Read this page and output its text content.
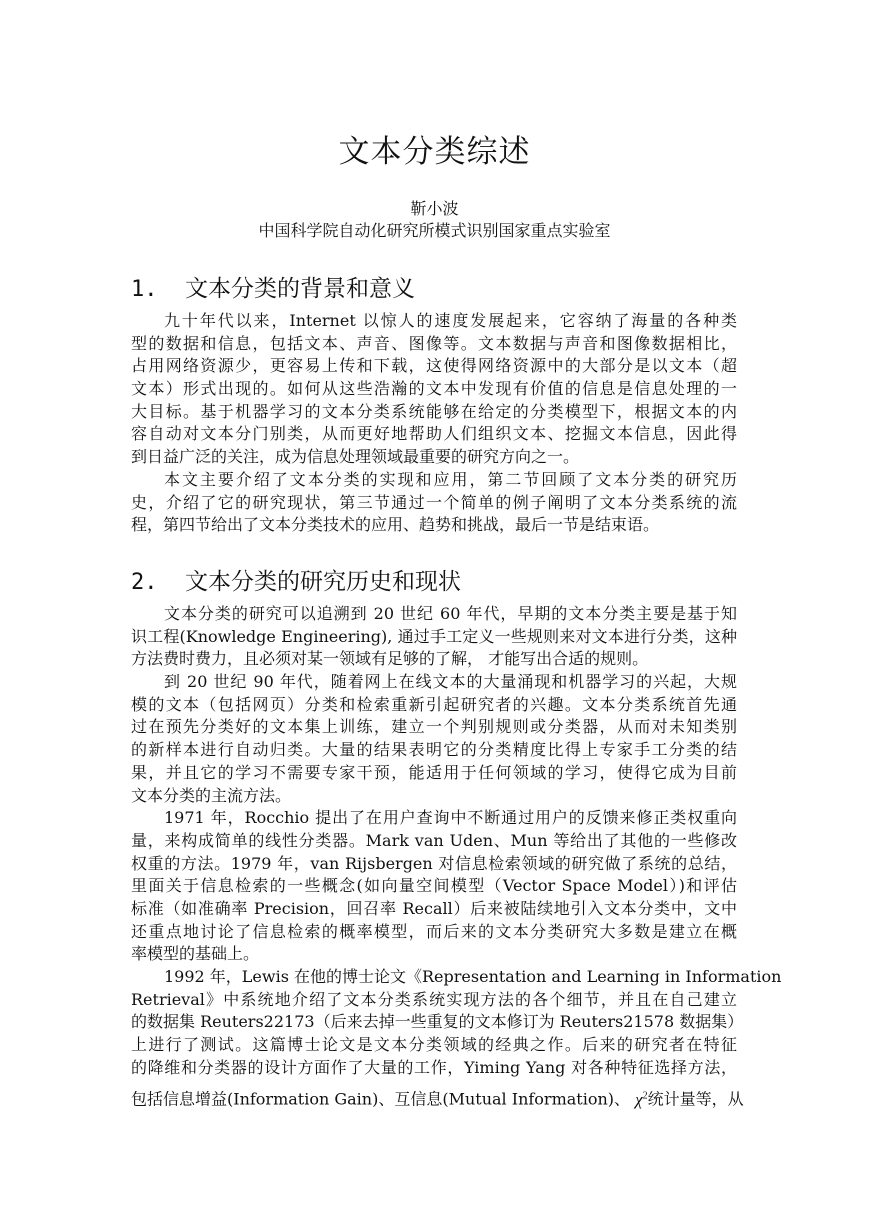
文本分类综述
靳小波
中国科学院自动化研究所模式识别国家重点实验室
1. 文本分类的背景和意义
九十年代以来，Internet 以惊人的速度发展起来，它容纳了海量的各种类
型的数据和信息，包括文本、声音、图像等。文本数据与声音和图像数据相比，
占用网络资源少，更容易上传和下载，这使得网络资源中的大部分是以文本（超
文本）形式出现的。如何从这些浩瀚的文本中发现有价值的信息是信息处理的一
大目标。基于机器学习的文本分类系统能够在给定的分类模型下，根据文本的内
容自动对文本分门别类，从而更好地帮助人们组织文本、挖掘文本信息，因此得
到日益广泛的关注，成为信息处理领域最重要的研究方向之一。
本文主要介绍了文本分类的实现和应用，第二节回顾了文本分类的研究历
史，介绍了它的研究现状，第三节通过一个简单的例子阐明了文本分类系统的流
程，第四节给出了文本分类技术的应用、趋势和挑战，最后一节是结束语。
2. 文本分类的研究历史和现状
文本分类的研究可以追溯到 20 世纪 60 年代，早期的文本分类主要是基于知
识工程(Knowledge Engineering), 通过手工定义一些规则来对文本进行分类，这种
方法费时费力，且必须对某一领域有足够的了解， 才能写出合适的规则。
到 20 世纪 90 年代，随着网上在线文本的大量涌现和机器学习的兴起，大规
模的文本（包括网页）分类和检索重新引起研究者的兴趣。文本分类系统首先通
过在预先分类好的文本集上训练，建立一个判别规则或分类器，从而对未知类别
的新样本进行自动归类。大量的结果表明它的分类精度比得上专家手工分类的结
果，并且它的学习不需要专家干预，能适用于任何领域的学习，使得它成为目前
文本分类的主流方法。
1971 年，Rocchio 提出了在用户查询中不断通过用户的反馈来修正类权重向
量，来构成简单的线性分类器。Mark van Uden、Mun 等给出了其他的一些修改
权重的方法。1979 年，van Rijsbergen 对信息检索领域的研究做了系统的总结，
里面关于信息检索的一些概念(如向量空间模型（Vector Space Model）)和评估
标准（如准确率 Precision，回召率 Recall）后来被陆续地引入文本分类中，文中
还重点地讨论了信息检索的概率模型，而后来的文本分类研究大多数是建立在概
率模型的基础上。
1992 年，Lewis 在他的博士论文《Representation and Learning in Information
Retrieval》中系统地介绍了文本分类系统实现方法的各个细节，并且在自己建立
的数据集 Reuters22173（后来去掉一些重复的文本修订为 Reuters21578 数据集）
上进行了测试。这篇博士论文是文本分类领域的经典之作。后来的研究者在特征
的降维和分类器的设计方面作了大量的工作，Yiming Yang 对各种特征选择方法，
包括信息增益(Information Gain)、互信息(Mutual Information)、 $\chi^2$统计量等，从
